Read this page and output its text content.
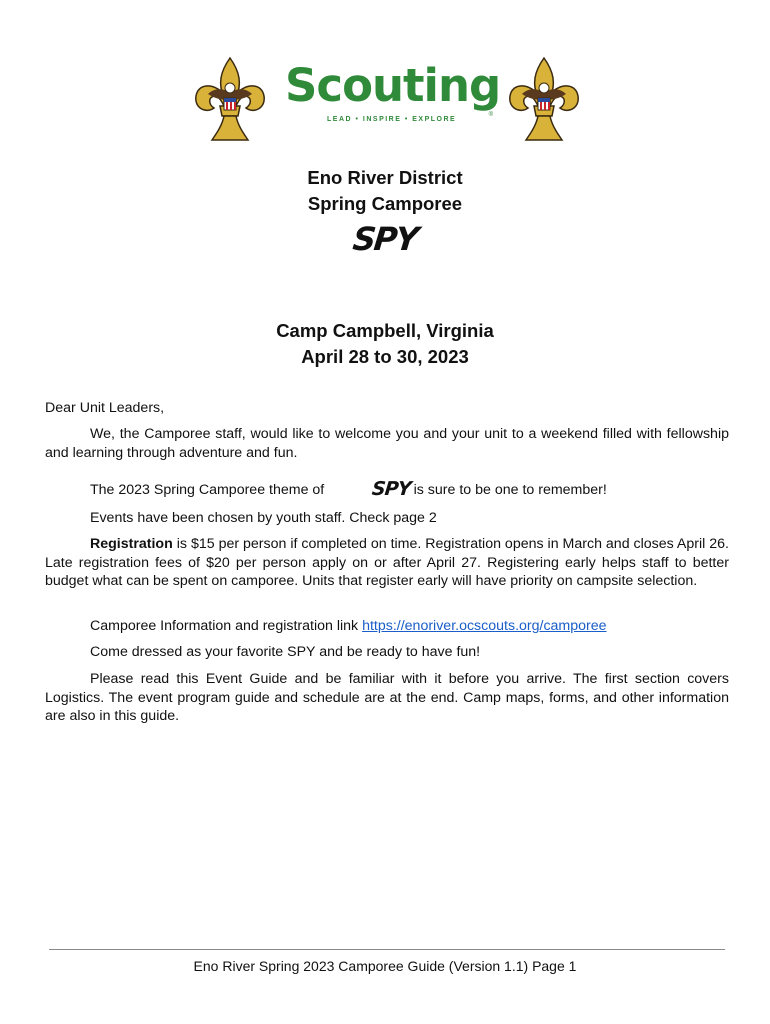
Scouting
LEAD • INSPIRE • EXPLORE
®
Eno River District
Spring Camporee
SPY
Camp Campbell, Virginia
April 28 to 30, 2023
Dear Unit Leaders,
We, the Camporee staff, would like to welcome you and your unit to a weekend filled with fellowship and learning through adventure and fun.
The 2023 Spring Camporee theme of SPY is sure to be one to remember!
Events have been chosen by youth staff. Check page 2
Registration is $15 per person if completed on time. Registration opens in March and closes April 26. Late registration fees of $20 per person apply on or after April 27. Registering early helps staff to better budget what can be spent on camporee. Units that register early will have priority on campsite selection.
Camporee Information and registration link https://enoriver.ocscouts.org/camporee
Come dressed as your favorite SPY and be ready to have fun!
Please read this Event Guide and be familiar with it before you arrive. The first section covers Logistics. The event program guide and schedule are at the end. Camp maps, forms, and other information are also in this guide.
Eno River Spring 2023 Camporee Guide (Version 1.1) Page 1
